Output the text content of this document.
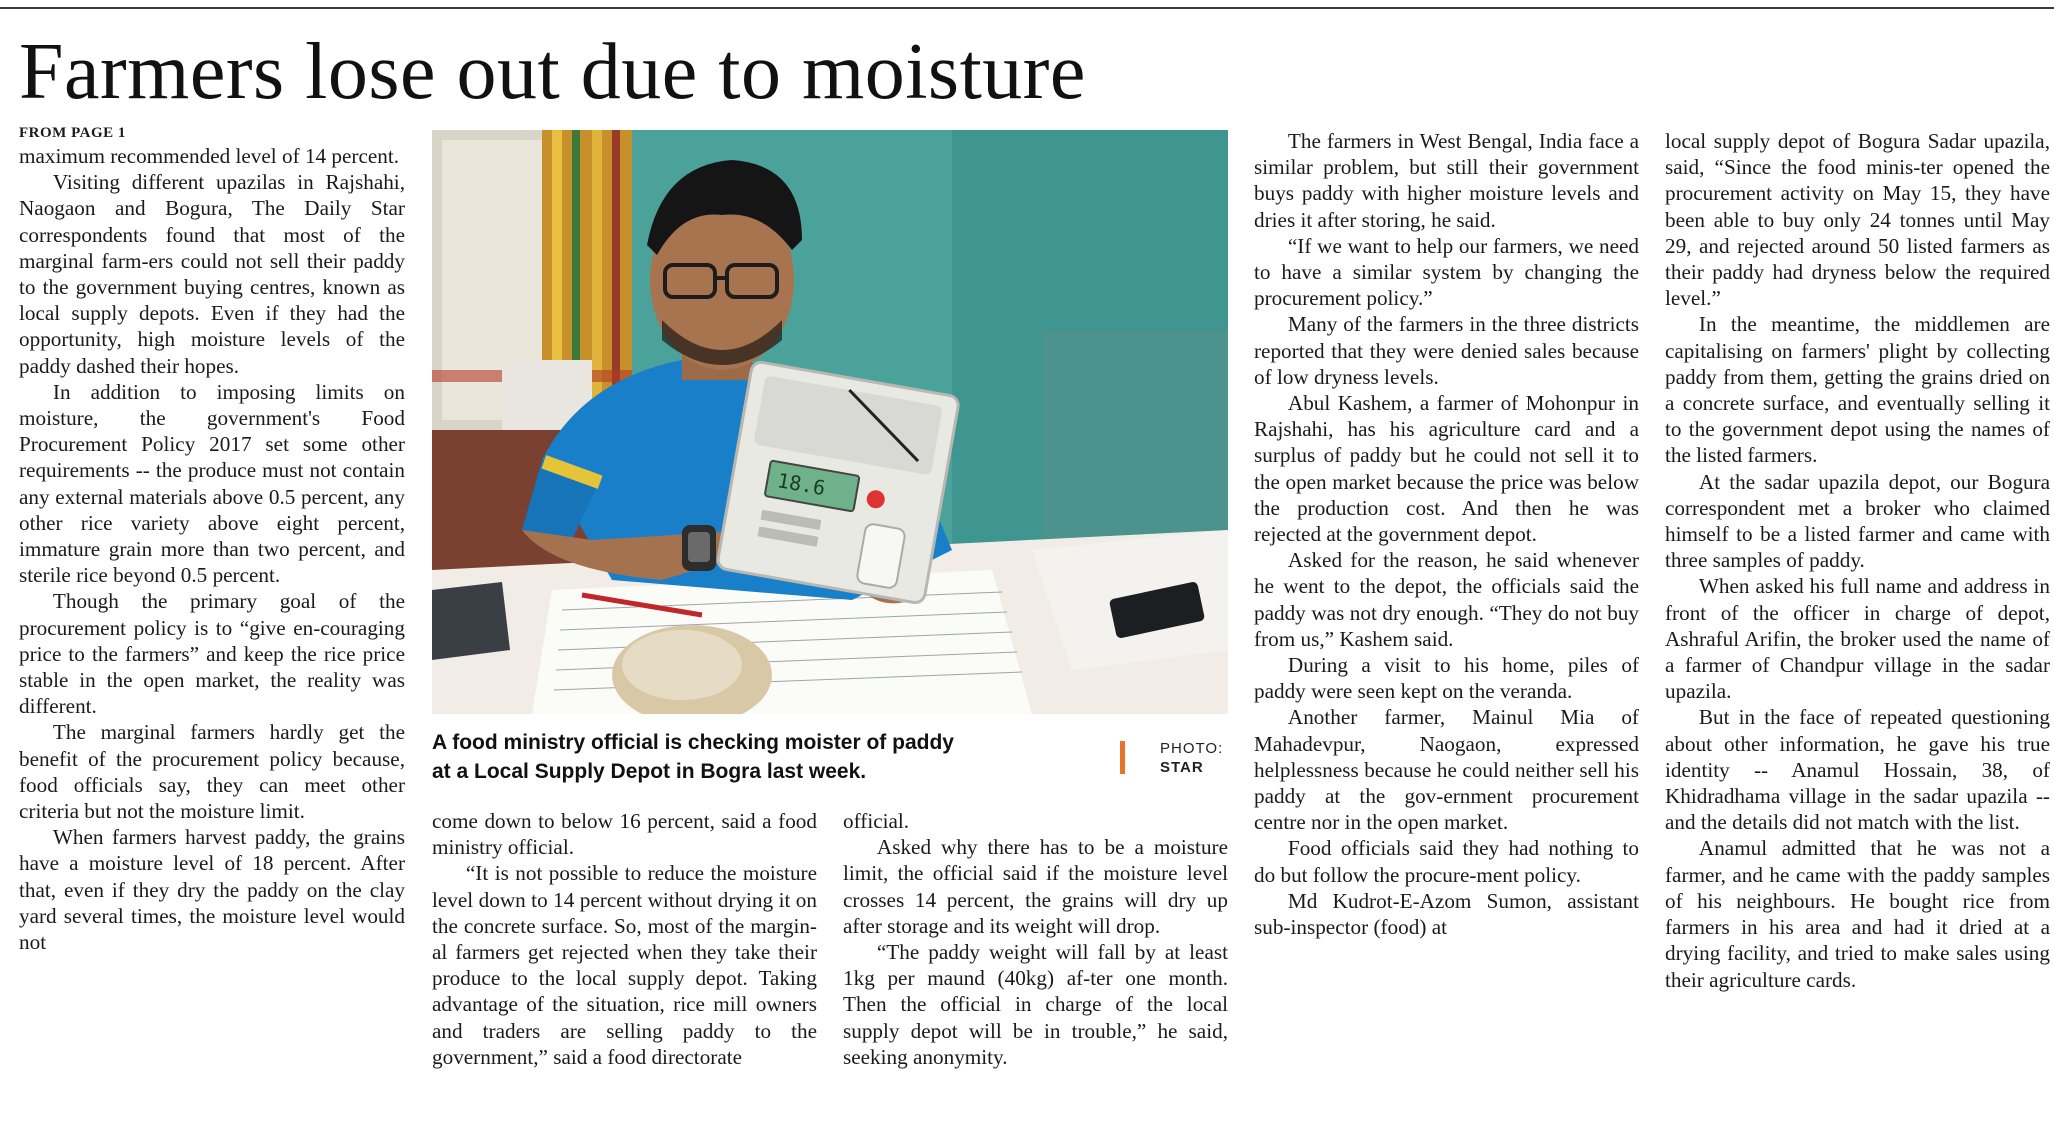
Farmers lose out due to moisture
FROM PAGE 1

maximum recommended level of 14 percent.

Visiting different upazilas in Rajshahi, Naogaon and Bogura, The Daily Star correspondents found that most of the marginal farm-ers could not sell their paddy to the government buying centres, known as local supply depots. Even if they had the opportunity, high moisture levels of the paddy dashed their hopes.

In addition to imposing limits on moisture, the government's Food Procurement Policy 2017 set some other requirements -- the produce must not contain any external materials above 0.5 percent, any other rice variety above eight percent, immature grain more than two percent, and sterile rice beyond 0.5 percent.

Though the primary goal of the procurement policy is to “give en-couraging price to the farmers” and keep the rice price stable in the open market, the reality was different.

The marginal farmers hardly get the benefit of the procurement policy because, food officials say, they can meet other criteria but not the moisture limit.

When farmers harvest paddy, the grains have a moisture level of 18 percent. After that, even if they dry the paddy on the clay yard several times, the moisture level would not

18.6
A food ministry official is checking moister of paddy
at a Local Supply Depot in Bogra last week.
PHOTO:
STAR

come down to below 16 percent, said a food ministry official.

“It is not possible to reduce the moisture level down to 14 percent without drying it on the concrete surface. So, most of the margin-al farmers get rejected when they take their produce to the local supply depot. Taking advantage of the situation, rice mill owners and traders are selling paddy to the government,” said a food directorate

official.

Asked why there has to be a moisture limit, the official said if the moisture level crosses 14 percent, the grains will dry up after storage and its weight will drop.

“The paddy weight will fall by at least 1kg per maund (40kg) af-ter one month. Then the official in charge of the local supply depot will be in trouble,” he said, seeking anonymity.

The farmers in West Bengal, India face a similar problem, but still their government buys paddy with higher moisture levels and dries it after storing, he said.

“If we want to help our farmers, we need to have a similar system by changing the procurement policy.”

Many of the farmers in the three districts reported that they were denied sales because of low dryness levels.

Abul Kashem, a farmer of Mohonpur in Rajshahi, has his agriculture card and a surplus of paddy but he could not sell it to the open market because the price was below the production cost. And then he was rejected at the government depot.

Asked for the reason, he said whenever he went to the depot, the officials said the paddy was not dry enough. “They do not buy from us,” Kashem said.

During a visit to his home, piles of paddy were seen kept on the veranda.

Another farmer, Mainul Mia of Mahadevpur, Naogaon, expressed helplessness because he could neither sell his paddy at the gov-ernment procurement centre nor in the open market.

Food officials said they had nothing to do but follow the procure-ment policy.

Md Kudrot-E-Azom Sumon, assistant sub-inspector (food) at

local supply depot of Bogura Sadar upazila, said, “Since the food minis-ter opened the procurement activity on May 15, they have been able to buy only 24 tonnes until May 29, and rejected around 50 listed farmers as their paddy had dryness below the required level.”

In the meantime, the middlemen are capitalising on farmers' plight by collecting paddy from them, getting the grains dried on a concrete surface, and eventually selling it to the government depot using the names of the listed farmers.

At the sadar upazila depot, our Bogura correspondent met a broker who claimed himself to be a listed farmer and came with three samples of paddy.

When asked his full name and address in front of the officer in charge of depot, Ashraful Arifin, the broker used the name of a farmer of Chandpur village in the sadar upazila.

But in the face of repeated questioning about other information, he gave his true identity -- Anamul Hossain, 38, of Khidradhama village in the sadar upazila -- and the details did not match with the list.

Anamul admitted that he was not a farmer, and he came with the paddy samples of his neighbours. He bought rice from farmers in his area and had it dried at a drying facility, and tried to make sales using their agriculture cards.
